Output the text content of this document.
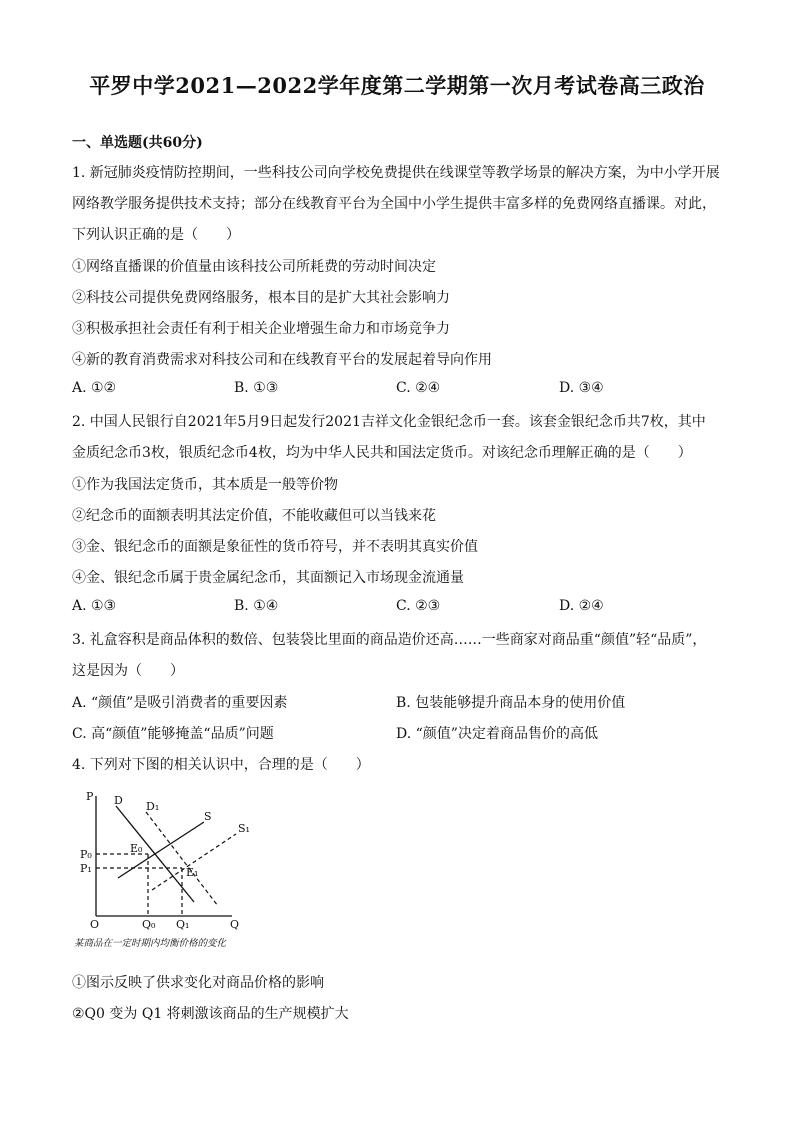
平罗中学2021—2022学年度第二学期第一次月考试卷高三政治
一、单选题(共60分)
1. 新冠肺炎疫情防控期间，一些科技公司向学校免费提供在线课堂等教学场景的解决方案，为中小学开展
网络教学服务提供技术支持；部分在线教育平台为全国中小学生提供丰富多样的免费网络直播课。对此，
下列认识正确的是（　　）
①网络直播课的价值量由该科技公司所耗费的劳动时间决定
②科技公司提供免费网络服务，根本目的是扩大其社会影响力
③积极承担社会责任有利于相关企业增强生命力和市场竞争力
④新的教育消费需求对科技公司和在线教育平台的发展起着导向作用
A. ①②	B. ①③	C. ②④	D. ③④
2. 中国人民银行自2021年5月9日起发行2021吉祥文化金银纪念币一套。该套金银纪念币共7枚，其中
金质纪念币3枚，银质纪念币4枚，均为中华人民共和国法定货币。对该纪念币理解正确的是（　　）
①作为我国法定货币，其本质是一般等价物
②纪念币的面额表明其法定价值，不能收藏但可以当钱来花
③金、银纪念币的面额是象征性的货币符号，并不表明其真实价值
④金、银纪念币属于贵金属纪念币，其面额记入市场现金流通量
A. ①③	B. ①④	C. ②③	D. ②④
3. 礼盒容积是商品体积的数倍、包装袋比里面的商品造价还高……一些商家对商品重“颜值”轻“品质”，
这是因为（　　）
A. “颜值”是吸引消费者的重要因素	B. 包装能够提升商品本身的使用价值
C. 高“颜值”能够掩盖“品质”问题	D. “颜值”决定着商品售价的高低
4. 下列对下图的相关认识中，合理的是（　　）
P D D₁
S
S₁
P₀
P₁
E₀
E₁
O	Q₀ Q₁	Q
某商品在一定时期内均衡价格的变化
①图示反映了供求变化对商品价格的影响
②Q0 变为 Q1 将刺激该商品的生产规模扩大
